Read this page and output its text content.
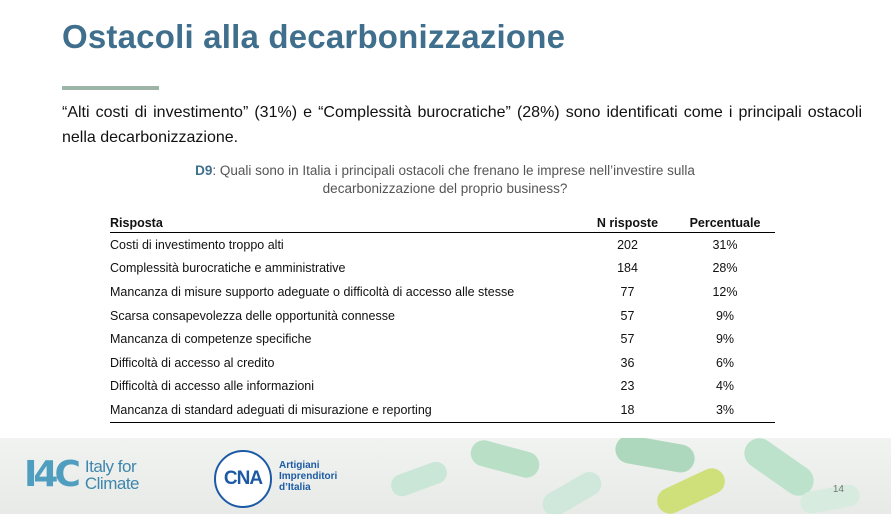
Ostacoli alla decarbonizzazione
“Alti costi di investimento” (31%) e “Complessità burocratiche” (28%) sono identificati come i principali ostacoli nella decarbonizzazione.
D9: Quali sono in Italia i principali ostacoli che frenano le imprese nell’investire sulla decarbonizzazione del proprio business?
Risposta	N risposte	Percentuale
Costi di investimento troppo alti	202	31%
Complessità burocratiche e amministrative	184	28%
Mancanza di misure supporto adeguate o difficoltà di accesso alle stesse	77	12%
Scarsa consapevolezza delle opportunità connesse	57	9%
Mancanza di competenze specifiche	57	9%
Difficoltà di accesso al credito	36	6%
Difficoltà di accesso alle informazioni	23	4%
Mancanza di standard adeguati di misurazione e reporting	18	3%
I4C Italy for
Climate	CNA
Artigiani
Imprenditori
d’Italia	14
